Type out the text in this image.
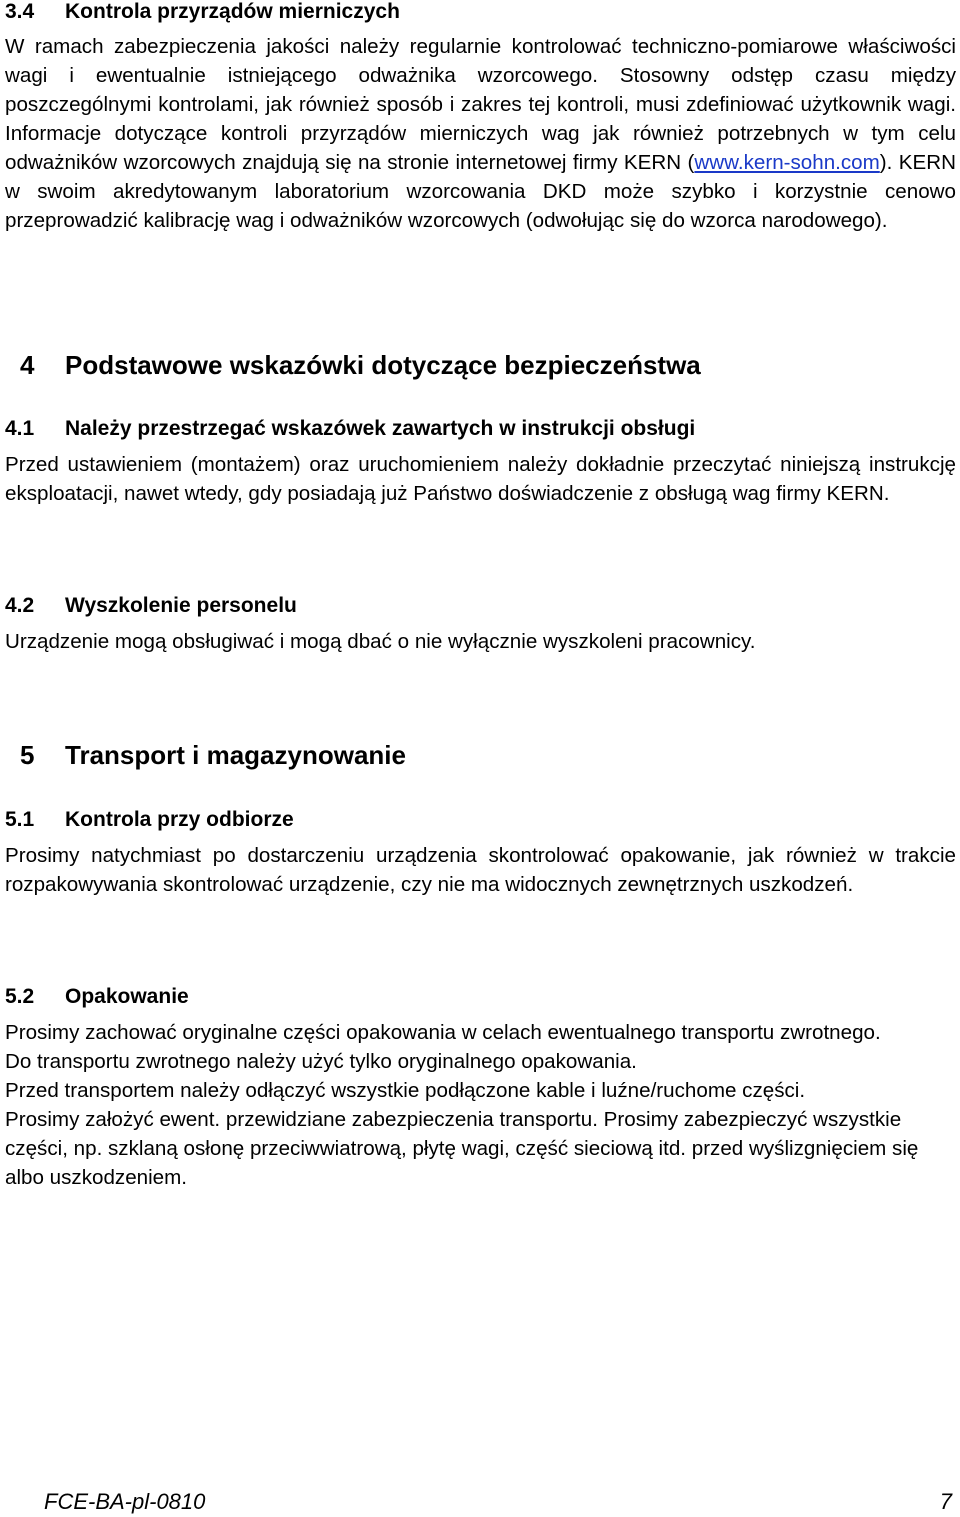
3.4 Kontrola przyrządów mierniczych
W ramach zabezpieczenia jakości należy regularnie kontrolować techniczno-pomiarowe właściwości wagi i ewentualnie istniejącego odważnika wzorcowego. Stosowny odstęp czasu między poszczególnymi kontrolami, jak również sposób i zakres tej kontroli, musi zdefiniować użytkownik wagi. Informacje dotyczące kontroli przyrządów mierniczych wag jak również potrzebnych w tym celu odważników wzorcowych znajdują się na stronie internetowej firmy KERN (www.kern-sohn.com). KERN w swoim akredytowanym laboratorium wzorcowania DKD może szybko i korzystnie cenowo przeprowadzić kalibrację wag i odważników wzorcowych (odwołując się do wzorca narodowego).
4 Podstawowe wskazówki dotyczące bezpieczeństwa
4.1 Należy przestrzegać wskazówek zawartych w instrukcji obsługi
Przed ustawieniem (montażem) oraz uruchomieniem należy dokładnie przeczytać niniejszą instrukcję eksploatacji, nawet wtedy, gdy posiadają już Państwo doświadczenie z obsługą wag firmy KERN.
4.2 Wyszkolenie personelu
Urządzenie mogą obsługiwać i mogą dbać o nie wyłącznie wyszkoleni pracownicy.
5 Transport i magazynowanie
5.1 Kontrola przy odbiorze
Prosimy natychmiast po dostarczeniu urządzenia skontrolować opakowanie, jak również w trakcie rozpakowywania skontrolować urządzenie, czy nie ma widocznych zewnętrznych uszkodzeń.
5.2 Opakowanie
Prosimy zachować oryginalne części opakowania w celach ewentualnego transportu zwrotnego.
Do transportu zwrotnego należy użyć tylko oryginalnego opakowania.
Przed transportem należy odłączyć wszystkie podłączone kable i luźne/ruchome części.
Prosimy założyć ewent. przewidziane zabezpieczenia transportu. Prosimy zabezpieczyć wszystkie części, np. szklaną osłonę przeciwwiatrową, płytę wagi, część sieciową itd. przed wyślizgnięciem się albo uszkodzeniem.
FCE-BA-pl-0810	7
